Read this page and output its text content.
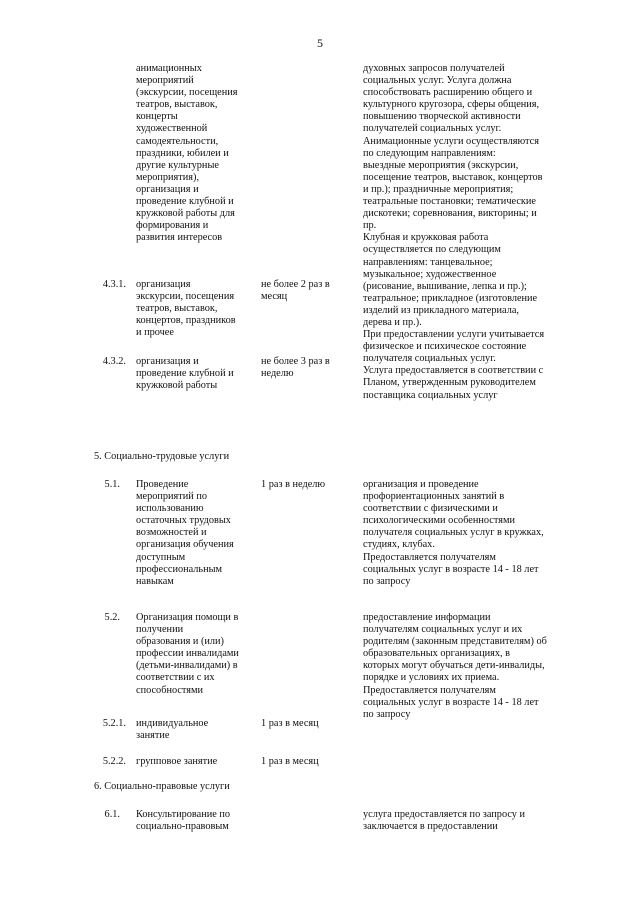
5
анимационных
мероприятий
(экскурсии, посещения
театров, выставок,
концерты
художественной
самодеятельности,
праздники, юбилеи и
другие культурные
мероприятия),
организация и
проведение клубной и
кружковой работы для
формирования и
развития интересов
духовных запросов получателей
социальных услуг. Услуга должна
способствовать расширению общего и
культурного кругозора, сферы общения,
повышению творческой активности
получателей социальных услуг.
Анимационные услуги осуществляются
по следующим направлениям:
выездные мероприятия (экскурсии,
посещение театров, выставок, концертов
и пр.); праздничные мероприятия;
театральные постановки; тематические
дискотеки; соревнования, викторины; и
пр.
Клубная и кружковая работа
осуществляется по следующим
направлениям: танцевальное;
музыкальное; художественное
(рисование, вышивание, лепка и пр.);
театральное; прикладное (изготовление
изделий из прикладного материала,
дерева и пр.).
При предоставлении услуги учитывается
физическое и психическое состояние
получателя социальных услуг.
Услуга предоставляется в соответствии с
Планом, утвержденным руководителем
поставщика социальных услуг
4.3.1. организация
экскурсии, посещения
театров, выставок,
концертов, праздников
и прочее
не более 2 раз в
месяц
4.3.2. организация и
проведение клубной и
кружковой работы
не более 3 раз в
неделю
5. Социально-трудовые услуги
5.1. Проведение
мероприятий по
использованию
остаточных трудовых
возможностей и
организация обучения
доступным
профессиональным
навыкам
1 раз в неделю	организация и проведение
профориентационных занятий в
соответствии с физическими и
психологическими особенностями
получателя социальных услуг в кружках,
студиях, клубах.
Предоставляется получателям
социальных услуг в возрасте 14 - 18 лет
по запросу
5.2. Организация помощи в
получении
образования и (или)
профессии инвалидами
(детьми-инвалидами) в
соответствии с их
способностями
предоставление информации
получателям социальных услуг и их
родителям (законным представителям) об
образовательных организациях, в
которых могут обучаться дети-инвалиды,
порядке и условиях их приема.
Предоставляется получателям
социальных услуг в возрасте 14 - 18 лет
по запросу
5.2.1. индивидуальное
занятие
1 раз в месяц
5.2.2. групповое занятие	1 раз в месяц
6. Социально-правовые услуги
6.1. Консультирование по
социально-правовым
услуга предоставляется по запросу и
заключается в предоставлении
